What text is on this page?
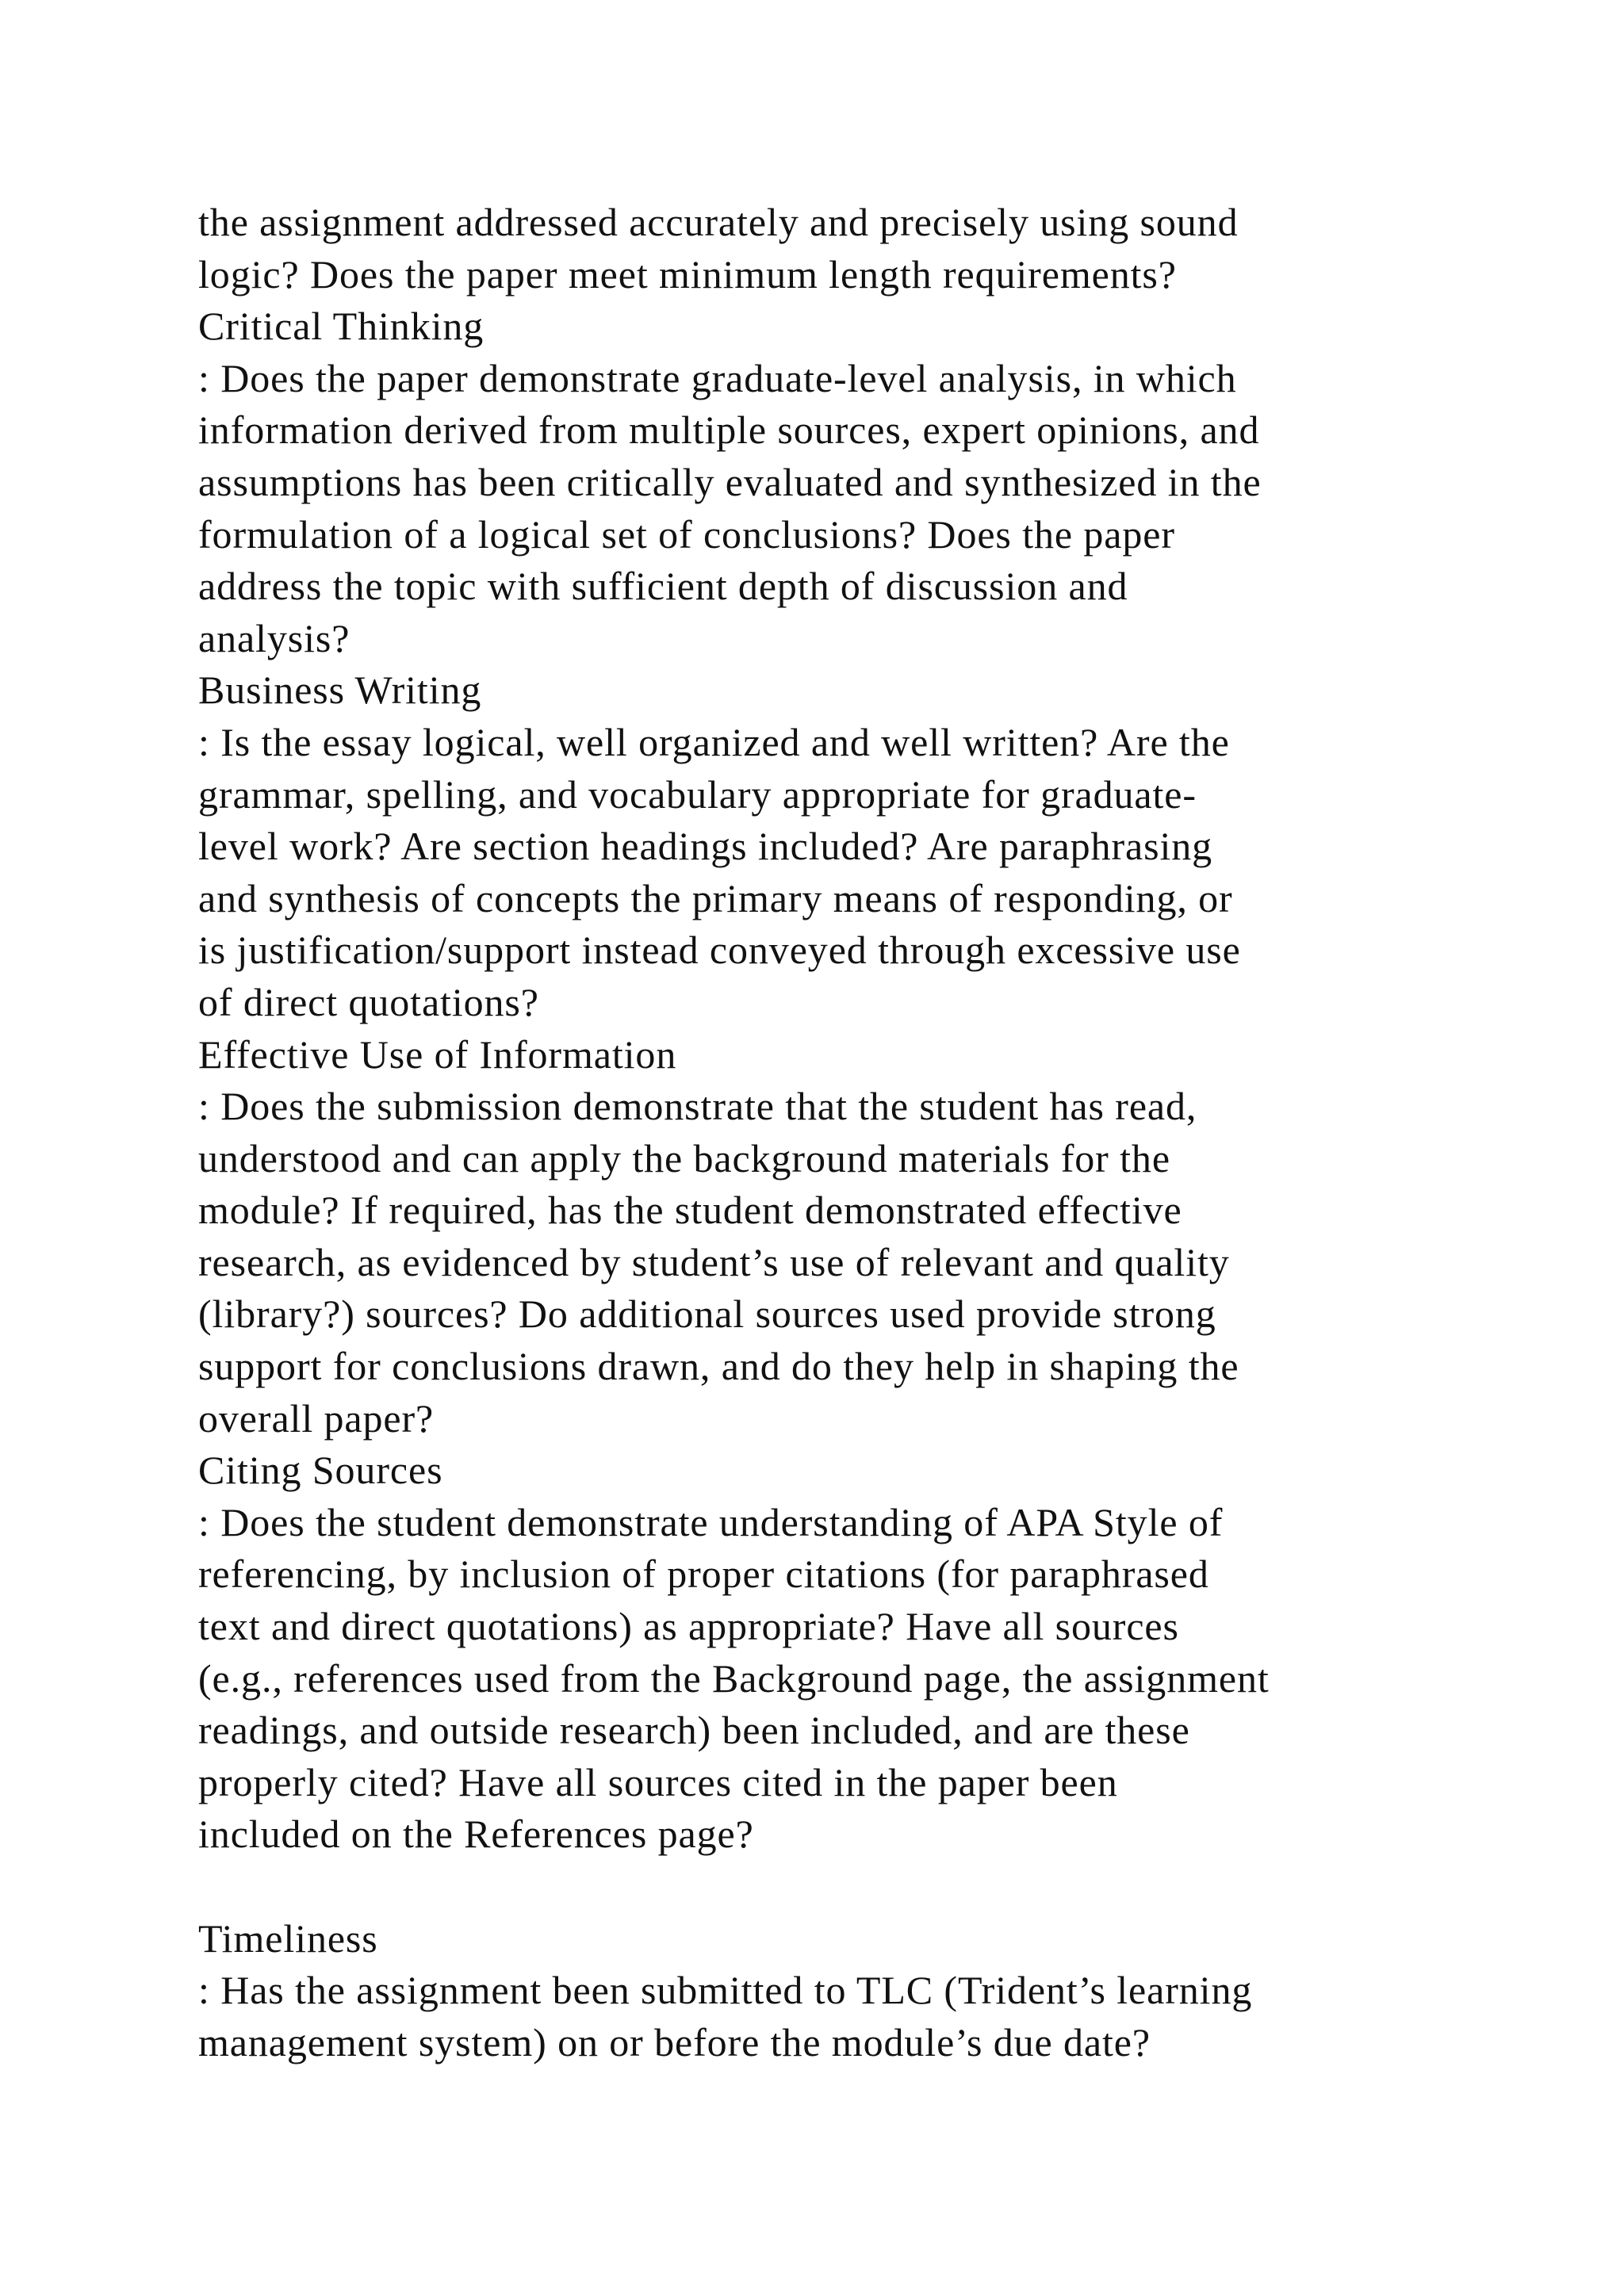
the assignment addressed accurately and precisely using sound
logic? Does the paper meet minimum length requirements?
Critical Thinking
: Does the paper demonstrate graduate-level analysis, in which
information derived from multiple sources, expert opinions, and
assumptions has been critically evaluated and synthesized in the
formulation of a logical set of conclusions? Does the paper
address the topic with sufficient depth of discussion and
analysis?
Business Writing
: Is the essay logical, well organized and well written? Are the
grammar, spelling, and vocabulary appropriate for graduate-
level work? Are section headings included? Are paraphrasing
and synthesis of concepts the primary means of responding, or
is justification/support instead conveyed through excessive use
of direct quotations?
Effective Use of Information
: Does the submission demonstrate that the student has read,
understood and can apply the background materials for the
module? If required, has the student demonstrated effective
research, as evidenced by student’s use of relevant and quality
(library?) sources? Do additional sources used provide strong
support for conclusions drawn, and do they help in shaping the
overall paper?
Citing Sources
: Does the student demonstrate understanding of APA Style of
referencing, by inclusion of proper citations (for paraphrased
text and direct quotations) as appropriate? Have all sources
(e.g., references used from the Background page, the assignment
readings, and outside research) been included, and are these
properly cited? Have all sources cited in the paper been
included on the References page?
Timeliness
: Has the assignment been submitted to TLC (Trident’s learning
management system) on or before the module’s due date?
